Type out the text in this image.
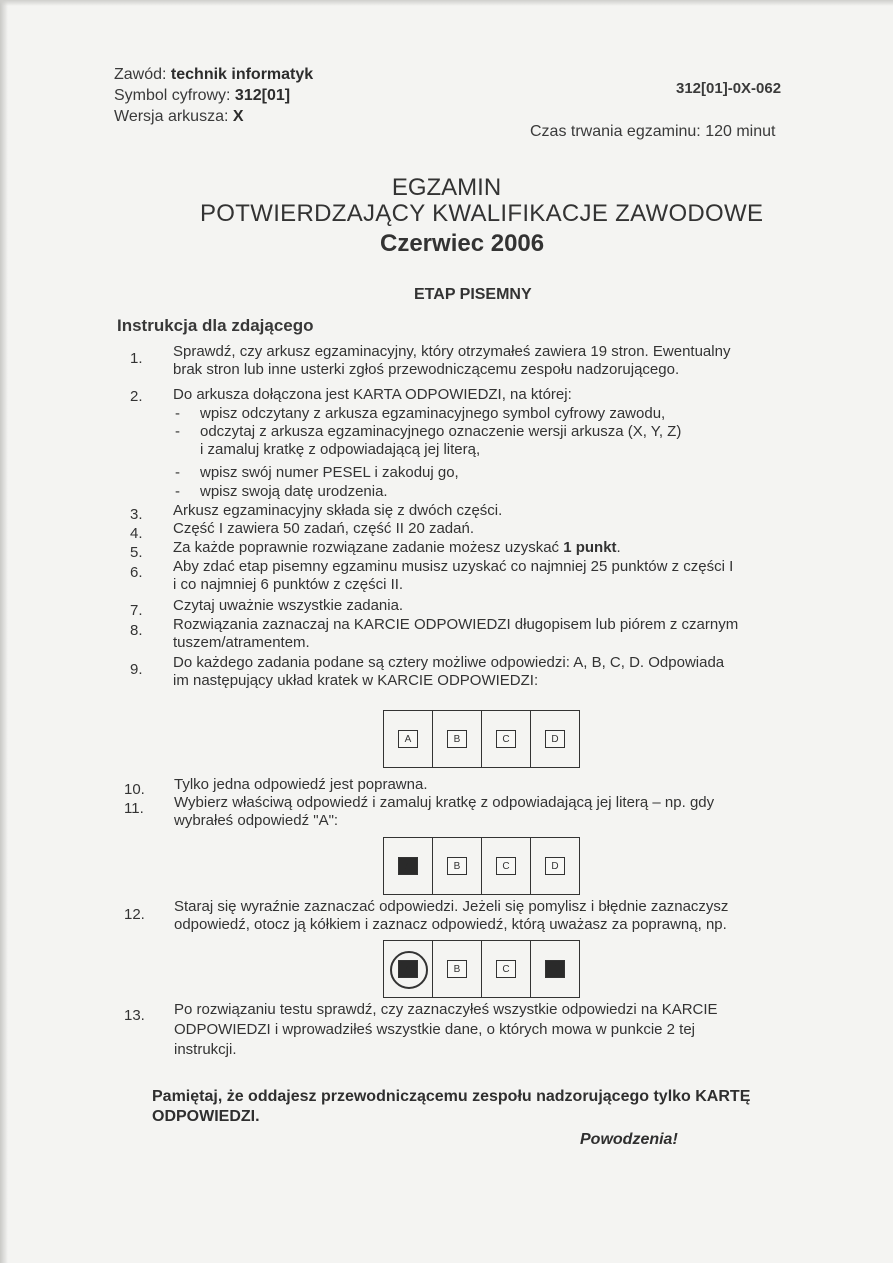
Zawód: technik informatyk
Symbol cyfrowy: 312[01]
Wersja arkusza: X
312[01]-0X-062
Czas trwania egzaminu: 120 minut
EGZAMIN
POTWIERDZAJĄCY KWALIFIKACJE ZAWODOWE
Czerwiec 2006
ETAP PISEMNY
Instrukcja dla zdającego
1. Sprawdź, czy arkusz egzaminacyjny, który otrzymałeś zawiera 19 stron. Ewentualny
brak stron lub inne usterki zgłoś przewodniczącemu zespołu nadzorującego.
2. Do arkusza dołączona jest KARTA ODPOWIEDZI, na której:
- wpisz odczytany z arkusza egzaminacyjnego symbol cyfrowy zawodu,
- odczytaj z arkusza egzaminacyjnego oznaczenie wersji arkusza (X, Y, Z)
i zamaluj kratkę z odpowiadającą jej literą,
- wpisz swój numer PESEL i zakoduj go,
- wpisz swoją datę urodzenia.
3. Arkusz egzaminacyjny składa się z dwóch części.
4. Część I zawiera 50 zadań, część II 20 zadań.
5. Za każde poprawnie rozwiązane zadanie możesz uzyskać 1 punkt.
6. Aby zdać etap pisemny egzaminu musisz uzyskać co najmniej 25 punktów z części I
i co najmniej 6 punktów z części II.
7. Czytaj uważnie wszystkie zadania.
8. Rozwiązania zaznaczaj na KARCIE ODPOWIEDZI długopisem lub piórem z czarnym
tuszem/atramentem.
9. Do każdego zadania podane są cztery możliwe odpowiedzi: A, B, C, D. Odpowiada
im następujący układ kratek w KARCIE ODPOWIEDZI:
A	B	C	D
10. Tylko jedna odpowiedź jest poprawna.
11. Wybierz właściwą odpowiedź i zamaluj kratkę z odpowiadającą jej literą – np. gdy
wybrałeś odpowiedź "A":
A	B	C	D
12. Staraj się wyraźnie zaznaczać odpowiedzi. Jeżeli się pomylisz i błędnie zaznaczysz
odpowiedź, otocz ją kółkiem i zaznacz odpowiedź, którą uważasz za poprawną, np.
A	B	C	D
13. Po rozwiązaniu testu sprawdź, czy zaznaczyłeś wszystkie odpowiedzi na KARCIE
ODPOWIEDZI i wprowadziłeś wszystkie dane, o których mowa w punkcie 2 tej
instrukcji.
Pamiętaj, że oddajesz przewodniczącemu zespołu nadzorującego tylko KARTĘ ODPOWIEDZI.
Powodzenia!
